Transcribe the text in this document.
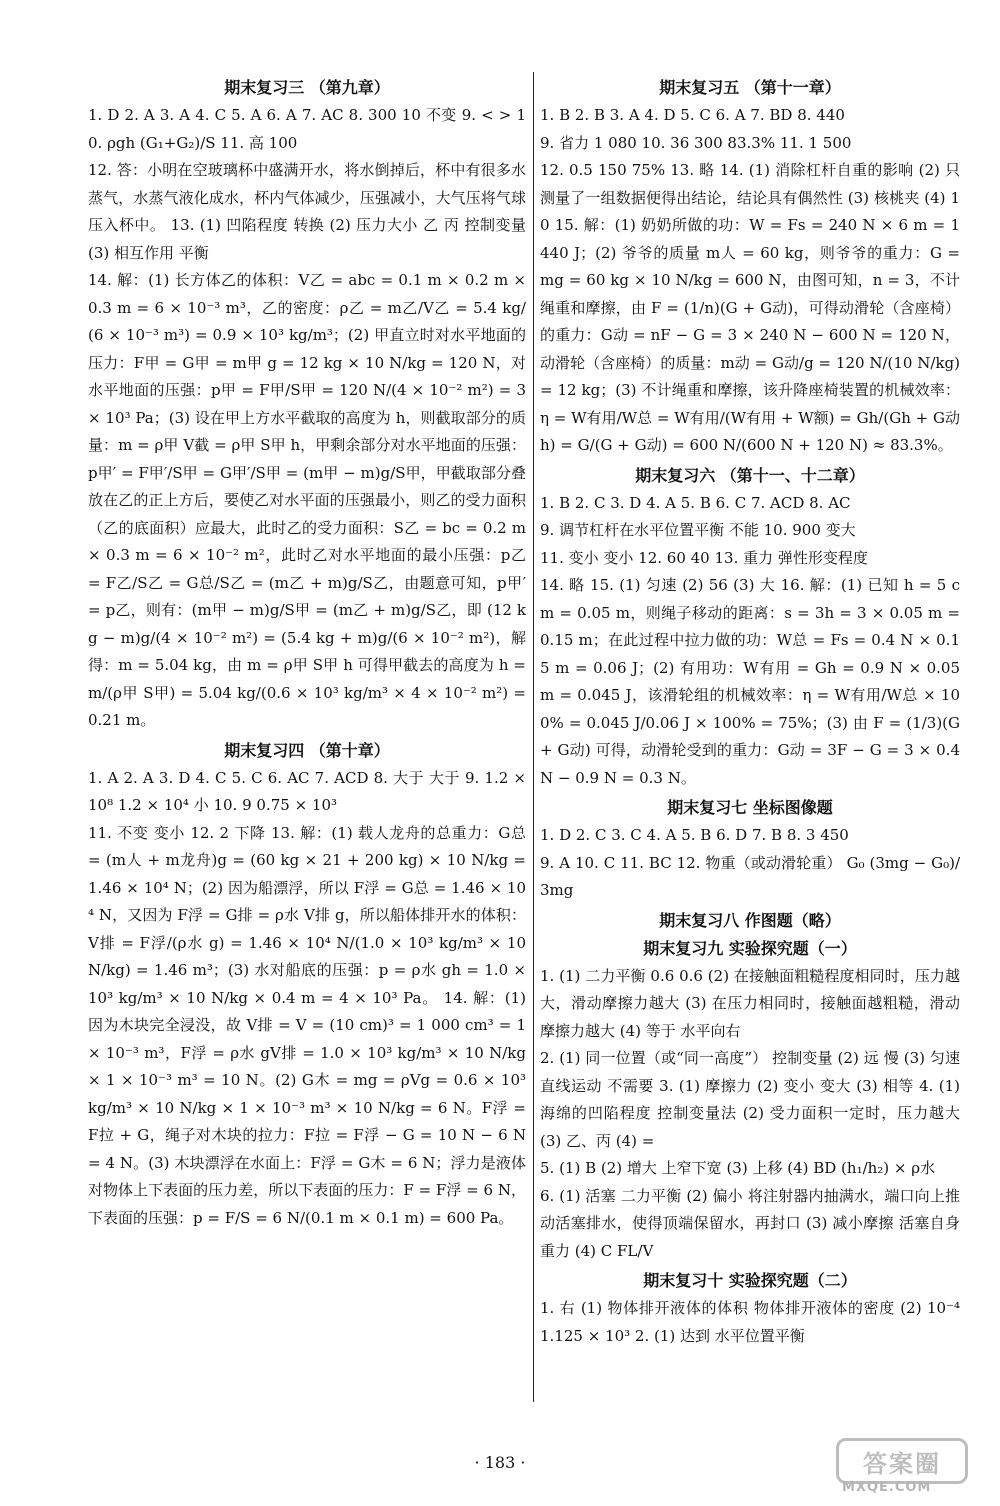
期末复习三 （第九章）

1. D 2. A 3. A 4. C 5. A 6. A 7. AC 8. 300 10 不变 9. < > 10. ρgh (G₁+G₂)/S 11. 高 100

12. 答：小明在空玻璃杯中盛满开水，将水倒掉后，杯中有很多水蒸气，水蒸气液化成水，杯内气体减少，压强减小，大气压将气球压入杯中。 13. (1) 凹陷程度 转换 (2) 压力大小 乙 丙 控制变量 (3) 相互作用 平衡

14. 解：(1) 长方体乙的体积：V乙 = abc = 0.1 m × 0.2 m × 0.3 m = 6 × 10⁻³ m³，乙的密度：ρ乙 = m乙/V乙 = 5.4 kg/(6 × 10⁻³ m³) = 0.9 × 10³ kg/m³；(2) 甲直立时对水平地面的压力：F甲 = G甲 = m甲 g = 12 kg × 10 N/kg = 120 N，对水平地面的压强：p甲 = F甲/S甲 = 120 N/(4 × 10⁻² m²) = 3 × 10³ Pa；(3) 设在甲上方水平截取的高度为 h，则截取部分的质量：m = ρ甲 V截 = ρ甲 S甲 h，甲剩余部分对水平地面的压强：p甲′ = F甲′/S甲 = G甲′/S甲 = (m甲 − m)g/S甲，甲截取部分叠放在乙的正上方后，要使乙对水平面的压强最小，则乙的受力面积（乙的底面积）应最大，此时乙的受力面积：S乙 = bc = 0.2 m × 0.3 m = 6 × 10⁻² m²，此时乙对水平地面的最小压强：p乙 = F乙/S乙 = G总/S乙 = (m乙 + m)g/S乙，由题意可知，p甲′ = p乙，则有：(m甲 − m)g/S甲 = (m乙 + m)g/S乙，即 (12 kg − m)g/(4 × 10⁻² m²) = (5.4 kg + m)g/(6 × 10⁻² m²)，解得：m = 5.04 kg，由 m = ρ甲 S甲 h 可得甲截去的高度为 h = m/(ρ甲 S甲) = 5.04 kg/(0.6 × 10³ kg/m³ × 4 × 10⁻² m²) = 0.21 m。

期末复习四 （第十章）

1. A 2. A 3. D 4. C 5. C 6. AC 7. ACD 8. 大于 大于 9. 1.2 × 10⁸ 1.2 × 10⁴ 小 10. 9 0.75 × 10³

11. 不变 变小 12. 2 下降 13. 解：(1) 载人龙舟的总重力：G总 = (m人 + m龙舟)g = (60 kg × 21 + 200 kg) × 10 N/kg = 1.46 × 10⁴ N；(2) 因为船漂浮，所以 F浮 = G总 = 1.46 × 10⁴ N，又因为 F浮 = G排 = ρ水 V排 g，所以船体排开水的体积：V排 = F浮/(ρ水 g) = 1.46 × 10⁴ N/(1.0 × 10³ kg/m³ × 10 N/kg) = 1.46 m³；(3) 水对船底的压强：p = ρ水 gh = 1.0 × 10³ kg/m³ × 10 N/kg × 0.4 m = 4 × 10³ Pa。 14. 解：(1) 因为木块完全浸没，故 V排 = V = (10 cm)³ = 1 000 cm³ = 1 × 10⁻³ m³，F浮 = ρ水 gV排 = 1.0 × 10³ kg/m³ × 10 N/kg × 1 × 10⁻³ m³ = 10 N。(2) G木 = mg = ρVg = 0.6 × 10³ kg/m³ × 10 N/kg × 1 × 10⁻³ m³ × 10 N/kg = 6 N。F浮 = F拉 + G，绳子对木块的拉力：F拉 = F浮 − G = 10 N − 6 N = 4 N。(3) 木块漂浮在水面上：F浮 = G木 = 6 N；浮力是液体对物体上下表面的压力差，所以下表面的压力：F = F浮 = 6 N，下表面的压强：p = F/S = 6 N/(0.1 m × 0.1 m) = 600 Pa。

期末复习五 （第十一章）

1. B 2. B 3. A 4. D 5. C 6. A 7. BD 8. 440

9. 省力 1 080 10. 36 300 83.3% 11. 1 500

12. 0.5 150 75% 13. 略 14. (1) 消除杠杆自重的影响 (2) 只测量了一组数据便得出结论，结论具有偶然性 (3) 核桃夹 (4) 10 15. 解：(1) 奶奶所做的功：W = Fs = 240 N × 6 m = 1 440 J；(2) 爷爷的质量 m人 = 60 kg，则爷爷的重力：G = mg = 60 kg × 10 N/kg = 600 N，由图可知，n = 3，不计绳重和摩擦，由 F = (1/n)(G + G动)，可得动滑轮（含座椅）的重力：G动 = nF − G = 3 × 240 N − 600 N = 120 N，动滑轮（含座椅）的质量：m动 = G动/g = 120 N/(10 N/kg) = 12 kg；(3) 不计绳重和摩擦，该升降座椅装置的机械效率：η = W有用/W总 = W有用/(W有用 + W额) = Gh/(Gh + G动 h) = G/(G + G动) = 600 N/(600 N + 120 N) ≈ 83.3%。

期末复习六 （第十一、十二章）

1. B 2. C 3. D 4. A 5. B 6. C 7. ACD 8. AC

9. 调节杠杆在水平位置平衡 不能 10. 900 变大

11. 变小 变小 12. 60 40 13. 重力 弹性形变程度

14. 略 15. (1) 匀速 (2) 56 (3) 大 16. 解：(1) 已知 h = 5 cm = 0.05 m，则绳子移动的距离：s = 3h = 3 × 0.05 m = 0.15 m；在此过程中拉力做的功：W总 = Fs = 0.4 N × 0.15 m = 0.06 J；(2) 有用功：W有用 = Gh = 0.9 N × 0.05 m = 0.045 J，该滑轮组的机械效率：η = W有用/W总 × 100% = 0.045 J/0.06 J × 100% = 75%；(3) 由 F = (1/3)(G + G动) 可得，动滑轮受到的重力：G动 = 3F − G = 3 × 0.4 N − 0.9 N = 0.3 N。

期末复习七 坐标图像题

1. D 2. C 3. C 4. A 5. B 6. D 7. B 8. 3 450

9. A 10. C 11. BC 12. 物重（或动滑轮重） G₀ (3mg − G₀)/3mg

期末复习八 作图题（略）
期末复习九 实验探究题（一）

1. (1) 二力平衡 0.6 0.6 (2) 在接触面粗糙程度相同时，压力越大，滑动摩擦力越大 (3) 在压力相同时，接触面越粗糙，滑动摩擦力越大 (4) 等于 水平向右

2. (1) 同一位置（或“同一高度”） 控制变量 (2) 远 慢 (3) 匀速直线运动 不需要 3. (1) 摩擦力 (2) 变小 变大 (3) 相等 4. (1) 海绵的凹陷程度 控制变量法 (2) 受力面积一定时，压力越大 (3) 乙、丙 (4) =

5. (1) B (2) 增大 上窄下宽 (3) 上移 (4) BD (h₁/h₂) × ρ水

6. (1) 活塞 二力平衡 (2) 偏小 将注射器内抽满水，端口向上推动活塞排水，使得顶端保留水，再封口 (3) 减小摩擦 活塞自身重力 (4) C FL/V

期末复习十 实验探究题（二）

1. 右 (1) 物体排开液体的体积 物体排开液体的密度 (2) 10⁻⁴ 1.125 × 10³ 2. (1) 达到 水平位置平衡

· 183 ·	答案圈
MXQE.COM
